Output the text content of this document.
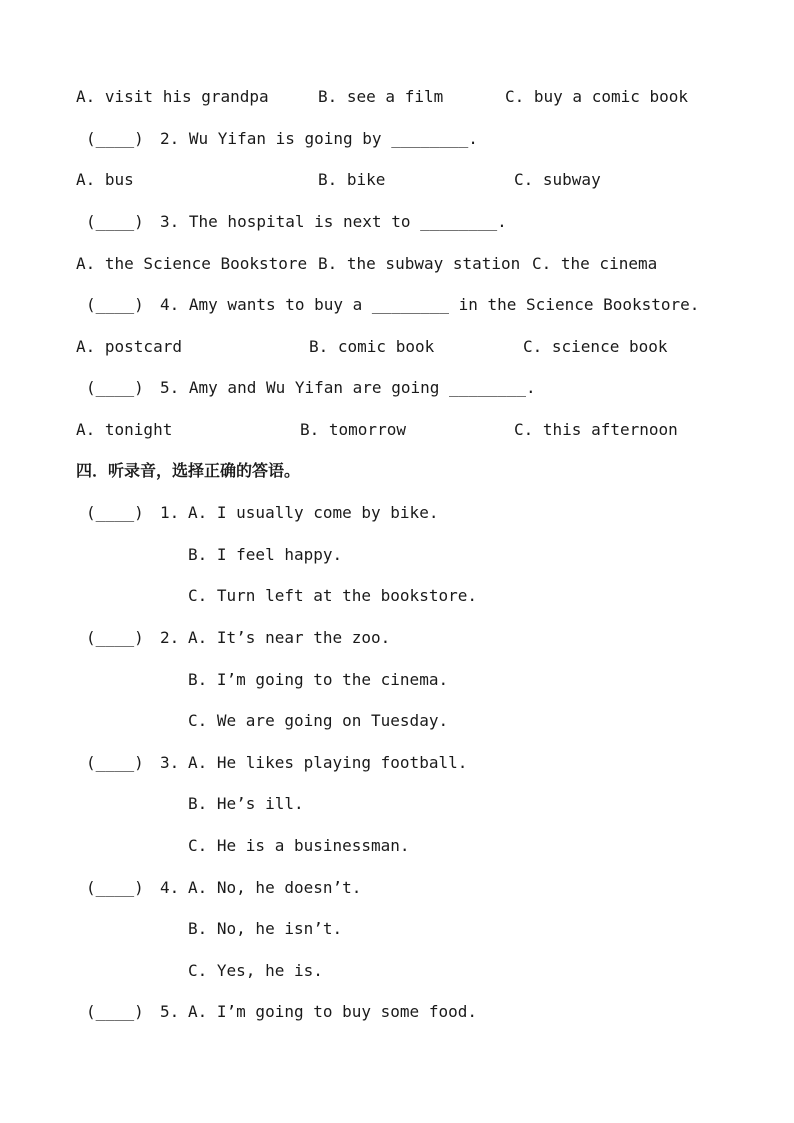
A. visit his grandpa	B. see a film	C. buy a comic book
(____) 2. Wu Yifan is going by ________.
A. bus	B. bike	C. subway
(____) 3. The hospital is next to ________.
A. the Science Bookstore B. the subway station C. the cinema
(____) 4. Amy wants to buy a ________ in the Science Bookstore.
A. postcard	B. comic book	C. science book
(____) 5. Amy and Wu Yifan are going ________.
A. tonight	B. tomorrow	C. this afternoon
四．听录音，选择正确的答语。
(____) 1. A. I usually come by bike.
B. I feel happy.
C. Turn left at the bookstore.
(____) 2. A. It’s near the zoo.
B. I’m going to the cinema.
C. We are going on Tuesday.
(____) 3. A. He likes playing football.
B. He’s ill.
C. He is a businessman.
(____) 4. A. No, he doesn’t.
B. No, he isn’t.
C. Yes, he is.
(____) 5. A. I’m going to buy some food.
